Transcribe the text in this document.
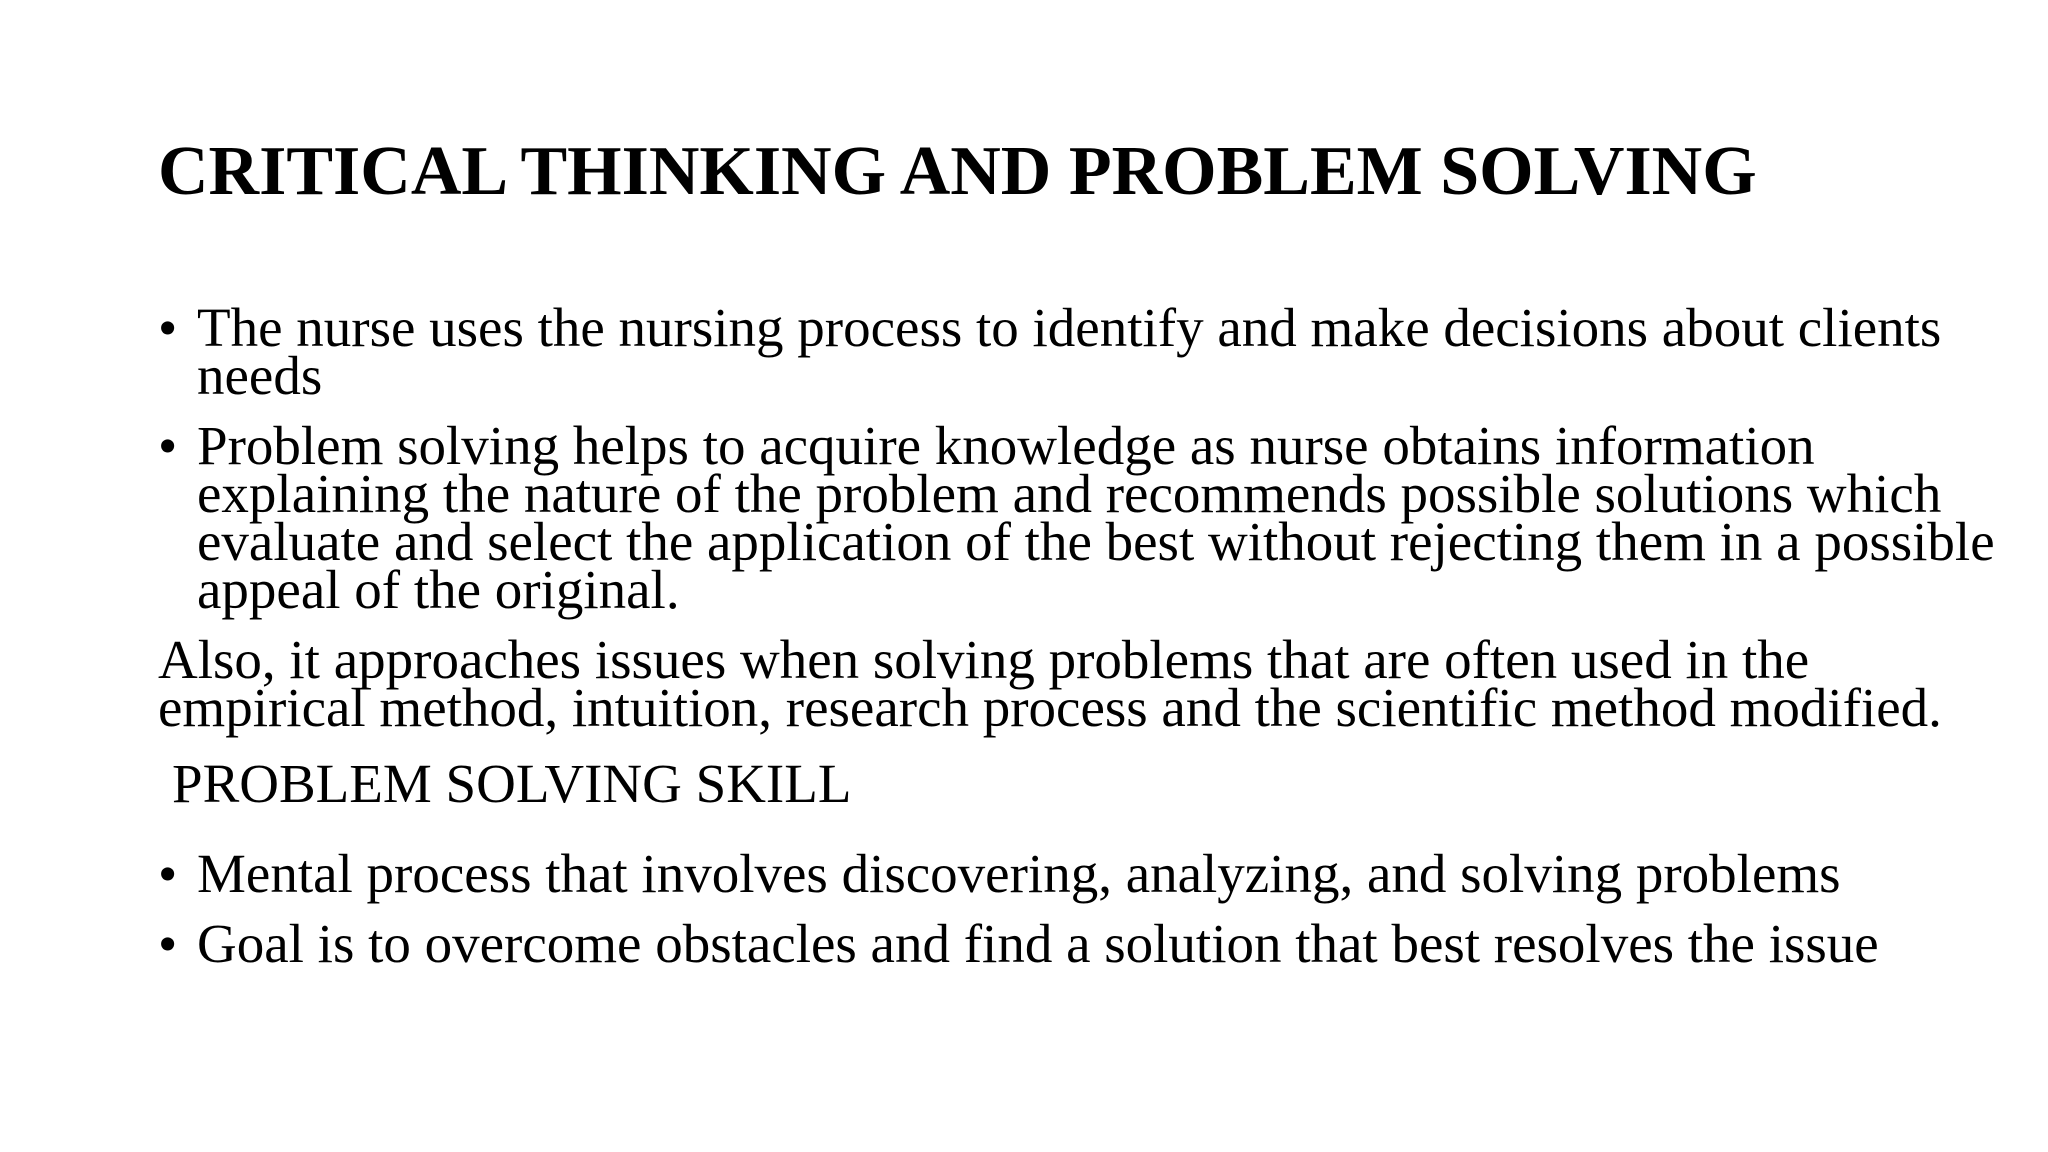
CRITICAL THINKING AND PROBLEM SOLVING
• The nurse uses the nursing process to identify and make decisions about clients needs
• Problem solving helps to acquire knowledge as nurse obtains information explaining the nature of the problem and recommends possible solutions which evaluate and select the application of the best without rejecting them in a possible appeal of the original.
Also, it approaches issues when solving problems that are often used in the empirical method, intuition, research process and the scientific method modified.
PROBLEM SOLVING SKILL
• Mental process that involves discovering, analyzing, and solving problems
• Goal is to overcome obstacles and find a solution that best resolves the issue
